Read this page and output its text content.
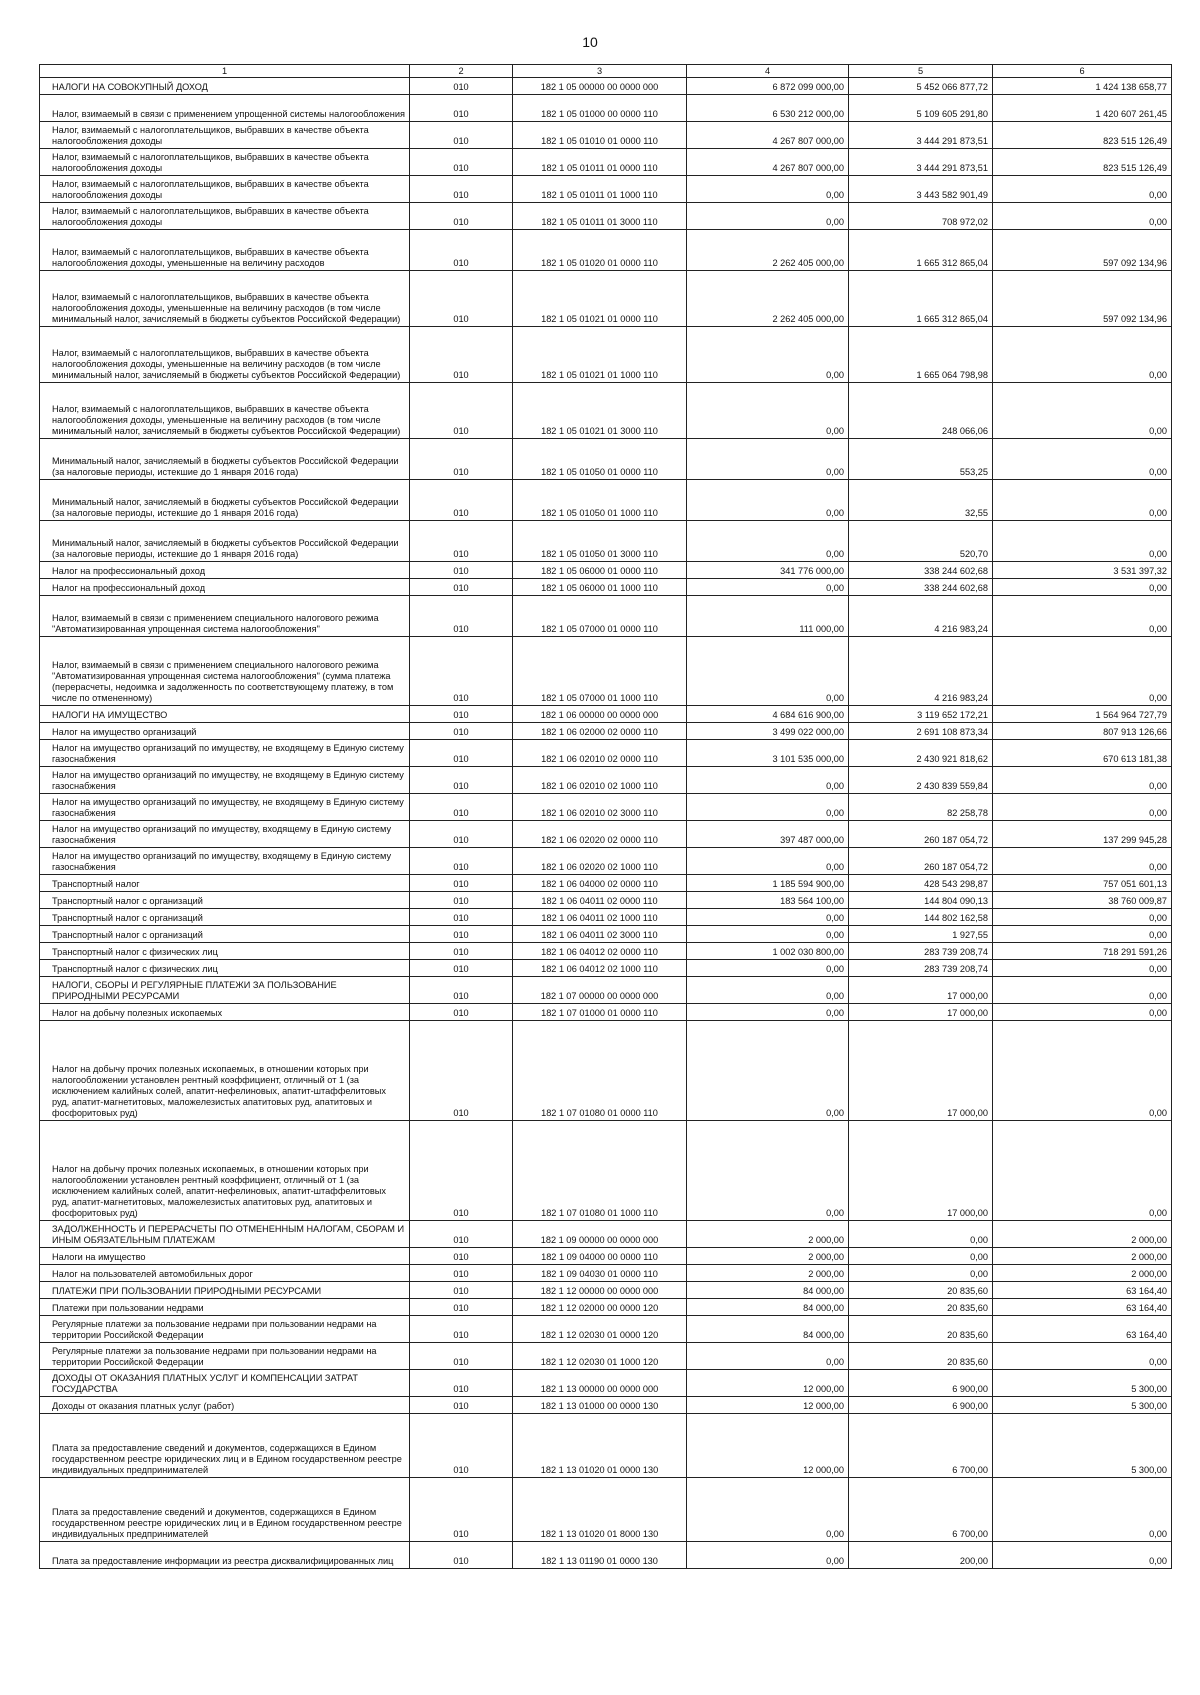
10
1	2	3	4	5	6
НАЛОГИ НА СОВОКУПНЫЙ ДОХОД	010	182 1 05 00000 00 0000 000	6 872 099 000,00	5 452 066 877,72	1 424 138 658,77
Налог, взимаемый в связи с применением упрощенной системы налогообложения	010	182 1 05 01000 00 0000 110	6 530 212 000,00	5 109 605 291,80	1 420 607 261,45
Налог, взимаемый с налогоплательщиков, выбравших в качестве объекта налогообложения доходы	010	182 1 05 01010 01 0000 110	4 267 807 000,00	3 444 291 873,51	823 515 126,49
Налог, взимаемый с налогоплательщиков, выбравших в качестве объекта налогообложения доходы	010	182 1 05 01011 01 0000 110	4 267 807 000,00	3 444 291 873,51	823 515 126,49
Налог, взимаемый с налогоплательщиков, выбравших в качестве объекта налогообложения доходы	010	182 1 05 01011 01 1000 110	0,00	3 443 582 901,49	0,00
Налог, взимаемый с налогоплательщиков, выбравших в качестве объекта налогообложения доходы	010	182 1 05 01011 01 3000 110	0,00	708 972,02	0,00
Налог, взимаемый с налогоплательщиков, выбравших в качестве объекта налогообложения доходы, уменьшенные на величину расходов	010	182 1 05 01020 01 0000 110	2 262 405 000,00	1 665 312 865,04	597 092 134,96
Налог, взимаемый с налогоплательщиков, выбравших в качестве объекта налогообложения доходы, уменьшенные на величину расходов (в том числе минимальный налог, зачисляемый в бюджеты субъектов Российской Федерации)	010	182 1 05 01021 01 0000 110	2 262 405 000,00	1 665 312 865,04	597 092 134,96
Налог, взимаемый с налогоплательщиков, выбравших в качестве объекта налогообложения доходы, уменьшенные на величину расходов (в том числе минимальный налог, зачисляемый в бюджеты субъектов Российской Федерации)	010	182 1 05 01021 01 1000 110	0,00	1 665 064 798,98	0,00
Налог, взимаемый с налогоплательщиков, выбравших в качестве объекта налогообложения доходы, уменьшенные на величину расходов (в том числе минимальный налог, зачисляемый в бюджеты субъектов Российской Федерации)	010	182 1 05 01021 01 3000 110	0,00	248 066,06	0,00
Минимальный налог, зачисляемый в бюджеты субъектов Российской Федерации (за налоговые периоды, истекшие до 1 января 2016 года)	010	182 1 05 01050 01 0000 110	0,00	553,25	0,00
Минимальный налог, зачисляемый в бюджеты субъектов Российской Федерации (за налоговые периоды, истекшие до 1 января 2016 года)	010	182 1 05 01050 01 1000 110	0,00	32,55	0,00
Минимальный налог, зачисляемый в бюджеты субъектов Российской Федерации (за налоговые периоды, истекшие до 1 января 2016 года)	010	182 1 05 01050 01 3000 110	0,00	520,70	0,00
Налог на профессиональный доход	010	182 1 05 06000 01 0000 110	341 776 000,00	338 244 602,68	3 531 397,32
Налог на профессиональный доход	010	182 1 05 06000 01 1000 110	0,00	338 244 602,68	0,00
Налог, взимаемый в связи с применением специального налогового режима "Автоматизированная упрощенная система налогообложения"	010	182 1 05 07000 01 0000 110	111 000,00	4 216 983,24	0,00
Налог, взимаемый в связи с применением специального налогового режима "Автоматизированная упрощенная система налогообложения" (сумма платежа (перерасчеты, недоимка и задолженность по соответствующему платежу, в том числе по отмененному)	010	182 1 05 07000 01 1000 110	0,00	4 216 983,24	0,00
НАЛОГИ НА ИМУЩЕСТВО	010	182 1 06 00000 00 0000 000	4 684 616 900,00	3 119 652 172,21	1 564 964 727,79
Налог на имущество организаций	010	182 1 06 02000 02 0000 110	3 499 022 000,00	2 691 108 873,34	807 913 126,66
Налог на имущество организаций по имуществу, не входящему в Единую систему газоснабжения	010	182 1 06 02010 02 0000 110	3 101 535 000,00	2 430 921 818,62	670 613 181,38
Налог на имущество организаций по имуществу, не входящему в Единую систему газоснабжения	010	182 1 06 02010 02 1000 110	0,00	2 430 839 559,84	0,00
Налог на имущество организаций по имуществу, не входящему в Единую систему газоснабжения	010	182 1 06 02010 02 3000 110	0,00	82 258,78	0,00
Налог на имущество организаций по имуществу, входящему в Единую систему газоснабжения	010	182 1 06 02020 02 0000 110	397 487 000,00	260 187 054,72	137 299 945,28
Налог на имущество организаций по имуществу, входящему в Единую систему газоснабжения	010	182 1 06 02020 02 1000 110	0,00	260 187 054,72	0,00
Транспортный налог	010	182 1 06 04000 02 0000 110	1 185 594 900,00	428 543 298,87	757 051 601,13
Транспортный налог с организаций	010	182 1 06 04011 02 0000 110	183 564 100,00	144 804 090,13	38 760 009,87
Транспортный налог с организаций	010	182 1 06 04011 02 1000 110	0,00	144 802 162,58	0,00
Транспортный налог с организаций	010	182 1 06 04011 02 3000 110	0,00	1 927,55	0,00
Транспортный налог с физических лиц	010	182 1 06 04012 02 0000 110	1 002 030 800,00	283 739 208,74	718 291 591,26
Транспортный налог с физических лиц	010	182 1 06 04012 02 1000 110	0,00	283 739 208,74	0,00
НАЛОГИ, СБОРЫ И РЕГУЛЯРНЫЕ ПЛАТЕЖИ ЗА ПОЛЬЗОВАНИЕ ПРИРОДНЫМИ РЕСУРСАМИ	010	182 1 07 00000 00 0000 000	0,00	17 000,00	0,00
Налог на добычу полезных ископаемых	010	182 1 07 01000 01 0000 110	0,00	17 000,00	0,00
Налог на добычу прочих полезных ископаемых, в отношении которых при налогообложении установлен рентный коэффициент, отличный от 1 (за исключением калийных солей, апатит-нефелиновых, апатит-штаффелитовых руд, апатит-магнетитовых, маложелезистых апатитовых руд, апатитовых и фосфоритовых руд)	010	182 1 07 01080 01 0000 110	0,00	17 000,00	0,00
Налог на добычу прочих полезных ископаемых, в отношении которых при налогообложении установлен рентный коэффициент, отличный от 1 (за исключением калийных солей, апатит-нефелиновых, апатит-штаффелитовых руд, апатит-магнетитовых, маложелезистых апатитовых руд, апатитовых и фосфоритовых руд)	010	182 1 07 01080 01 1000 110	0,00	17 000,00	0,00
ЗАДОЛЖЕННОСТЬ И ПЕРЕРАСЧЕТЫ ПО ОТМЕНЕННЫМ НАЛОГАМ, СБОРАМ И ИНЫМ ОБЯЗАТЕЛЬНЫМ ПЛАТЕЖАМ	010	182 1 09 00000 00 0000 000	2 000,00	0,00	2 000,00
Налоги на имущество	010	182 1 09 04000 00 0000 110	2 000,00	0,00	2 000,00
Налог на пользователей автомобильных дорог	010	182 1 09 04030 01 0000 110	2 000,00	0,00	2 000,00
ПЛАТЕЖИ ПРИ ПОЛЬЗОВАНИИ ПРИРОДНЫМИ РЕСУРСАМИ	010	182 1 12 00000 00 0000 000	84 000,00	20 835,60	63 164,40
Платежи при пользовании недрами	010	182 1 12 02000 00 0000 120	84 000,00	20 835,60	63 164,40
Регулярные платежи за пользование недрами при пользовании недрами на территории Российской Федерации	010	182 1 12 02030 01 0000 120	84 000,00	20 835,60	63 164,40
Регулярные платежи за пользование недрами при пользовании недрами на территории Российской Федерации	010	182 1 12 02030 01 1000 120	0,00	20 835,60	0,00
ДОХОДЫ ОТ ОКАЗАНИЯ ПЛАТНЫХ УСЛУГ И КОМПЕНСАЦИИ ЗАТРАТ ГОСУДАРСТВА	010	182 1 13 00000 00 0000 000	12 000,00	6 900,00	5 300,00
Доходы от оказания платных услуг (работ)	010	182 1 13 01000 00 0000 130	12 000,00	6 900,00	5 300,00
Плата за предоставление сведений и документов, содержащихся в Едином государственном реестре юридических лиц и в Едином государственном реестре индивидуальных предпринимателей	010	182 1 13 01020 01 0000 130	12 000,00	6 700,00	5 300,00
Плата за предоставление сведений и документов, содержащихся в Едином государственном реестре юридических лиц и в Едином государственном реестре индивидуальных предпринимателей	010	182 1 13 01020 01 8000 130	0,00	6 700,00	0,00
Плата за предоставление информации из реестра дисквалифицированных лиц	010	182 1 13 01190 01 0000 130	0,00	200,00	0,00
